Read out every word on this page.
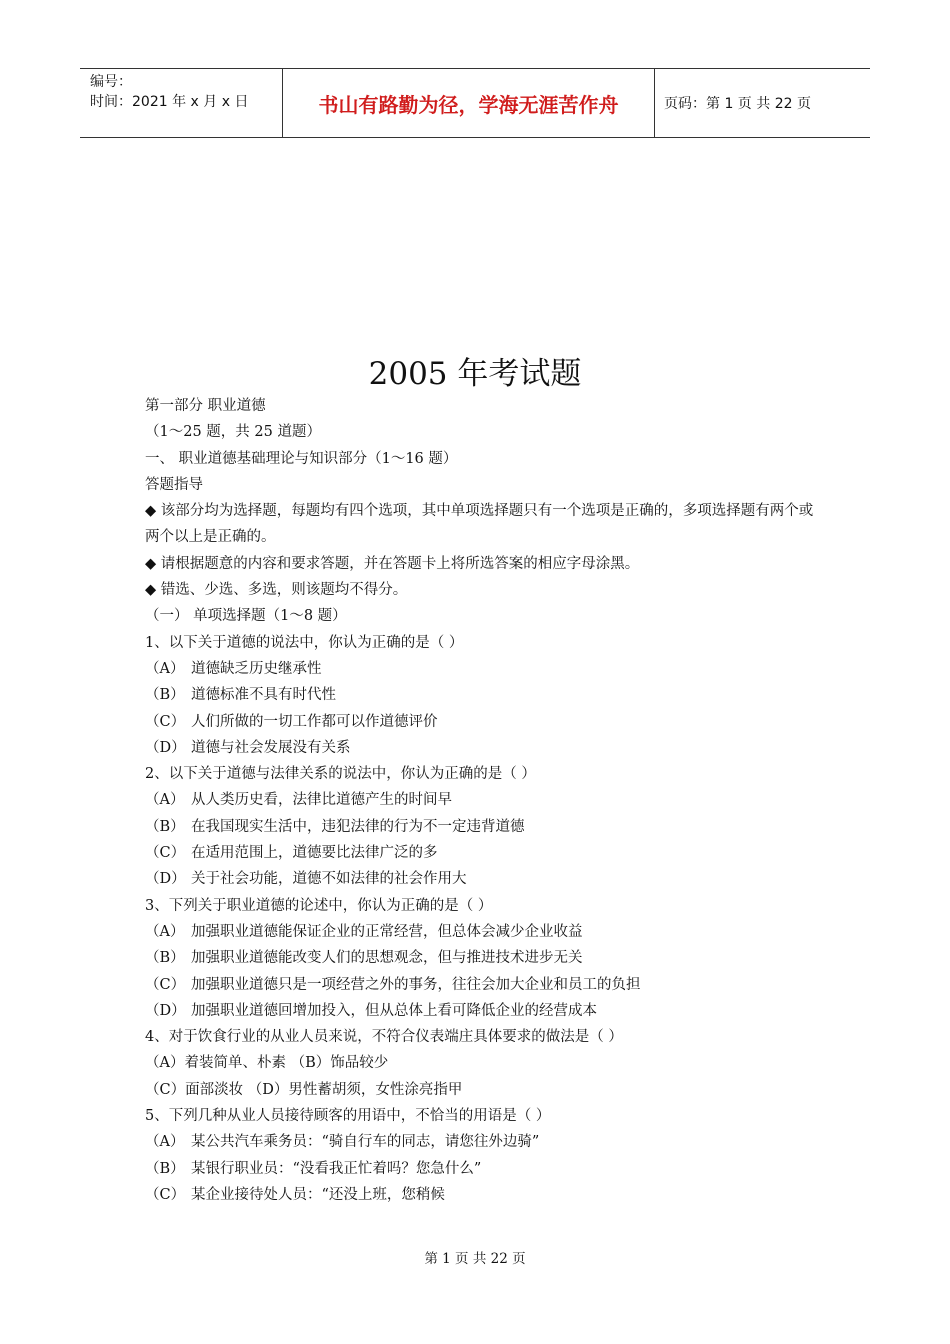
编号：
时间：2021 年 x 月 x 日	书山有路勤为径，学海无涯苦作舟	页码：第 1 页 共 22 页
2005 年考试题
第一部分 职业道德
（1～25 题，共 25 道题）
一、 职业道德基础理论与知识部分（1～16 题）
答题指导
◆ 该部分均为选择题，每题均有四个选项，其中单项选择题只有一个选项是正确的，多项选择题有两个或两个以上是正确的。
◆ 请根据题意的内容和要求答题，并在答题卡上将所选答案的相应字母涂黑。
◆ 错选、少选、多选，则该题均不得分。
（一） 单项选择题（1～8 题）
1、以下关于道德的说法中，你认为正确的是（ ）
（A） 道德缺乏历史继承性
（B） 道德标准不具有时代性
（C） 人们所做的一切工作都可以作道德评价
（D） 道德与社会发展没有关系
2、以下关于道德与法律关系的说法中，你认为正确的是（ ）
（A） 从人类历史看，法律比道德产生的时间早
（B） 在我国现实生活中，违犯法律的行为不一定违背道德
（C） 在适用范围上，道德要比法律广泛的多
（D） 关于社会功能，道德不如法律的社会作用大
3、下列关于职业道德的论述中，你认为正确的是（ ）
（A） 加强职业道德能保证企业的正常经营，但总体会减少企业收益
（B） 加强职业道德能改变人们的思想观念，但与推进技术进步无关
（C） 加强职业道德只是一项经营之外的事务，往往会加大企业和员工的负担
（D） 加强职业道德回增加投入，但从总体上看可降低企业的经营成本
4、对于饮食行业的从业人员来说，不符合仪表端庄具体要求的做法是（ ）
（A）着装简单、朴素 （B）饰品较少
（C）面部淡妆 （D）男性蓄胡须，女性涂亮指甲
5、下列几种从业人员接待顾客的用语中，不恰当的用语是（ ）
（A） 某公共汽车乘务员：“骑自行车的同志，请您往外边骑”
（B） 某银行职业员：“没看我正忙着吗？您急什么”
（C） 某企业接待处人员：“还没上班，您稍候
第 1 页 共 22 页
